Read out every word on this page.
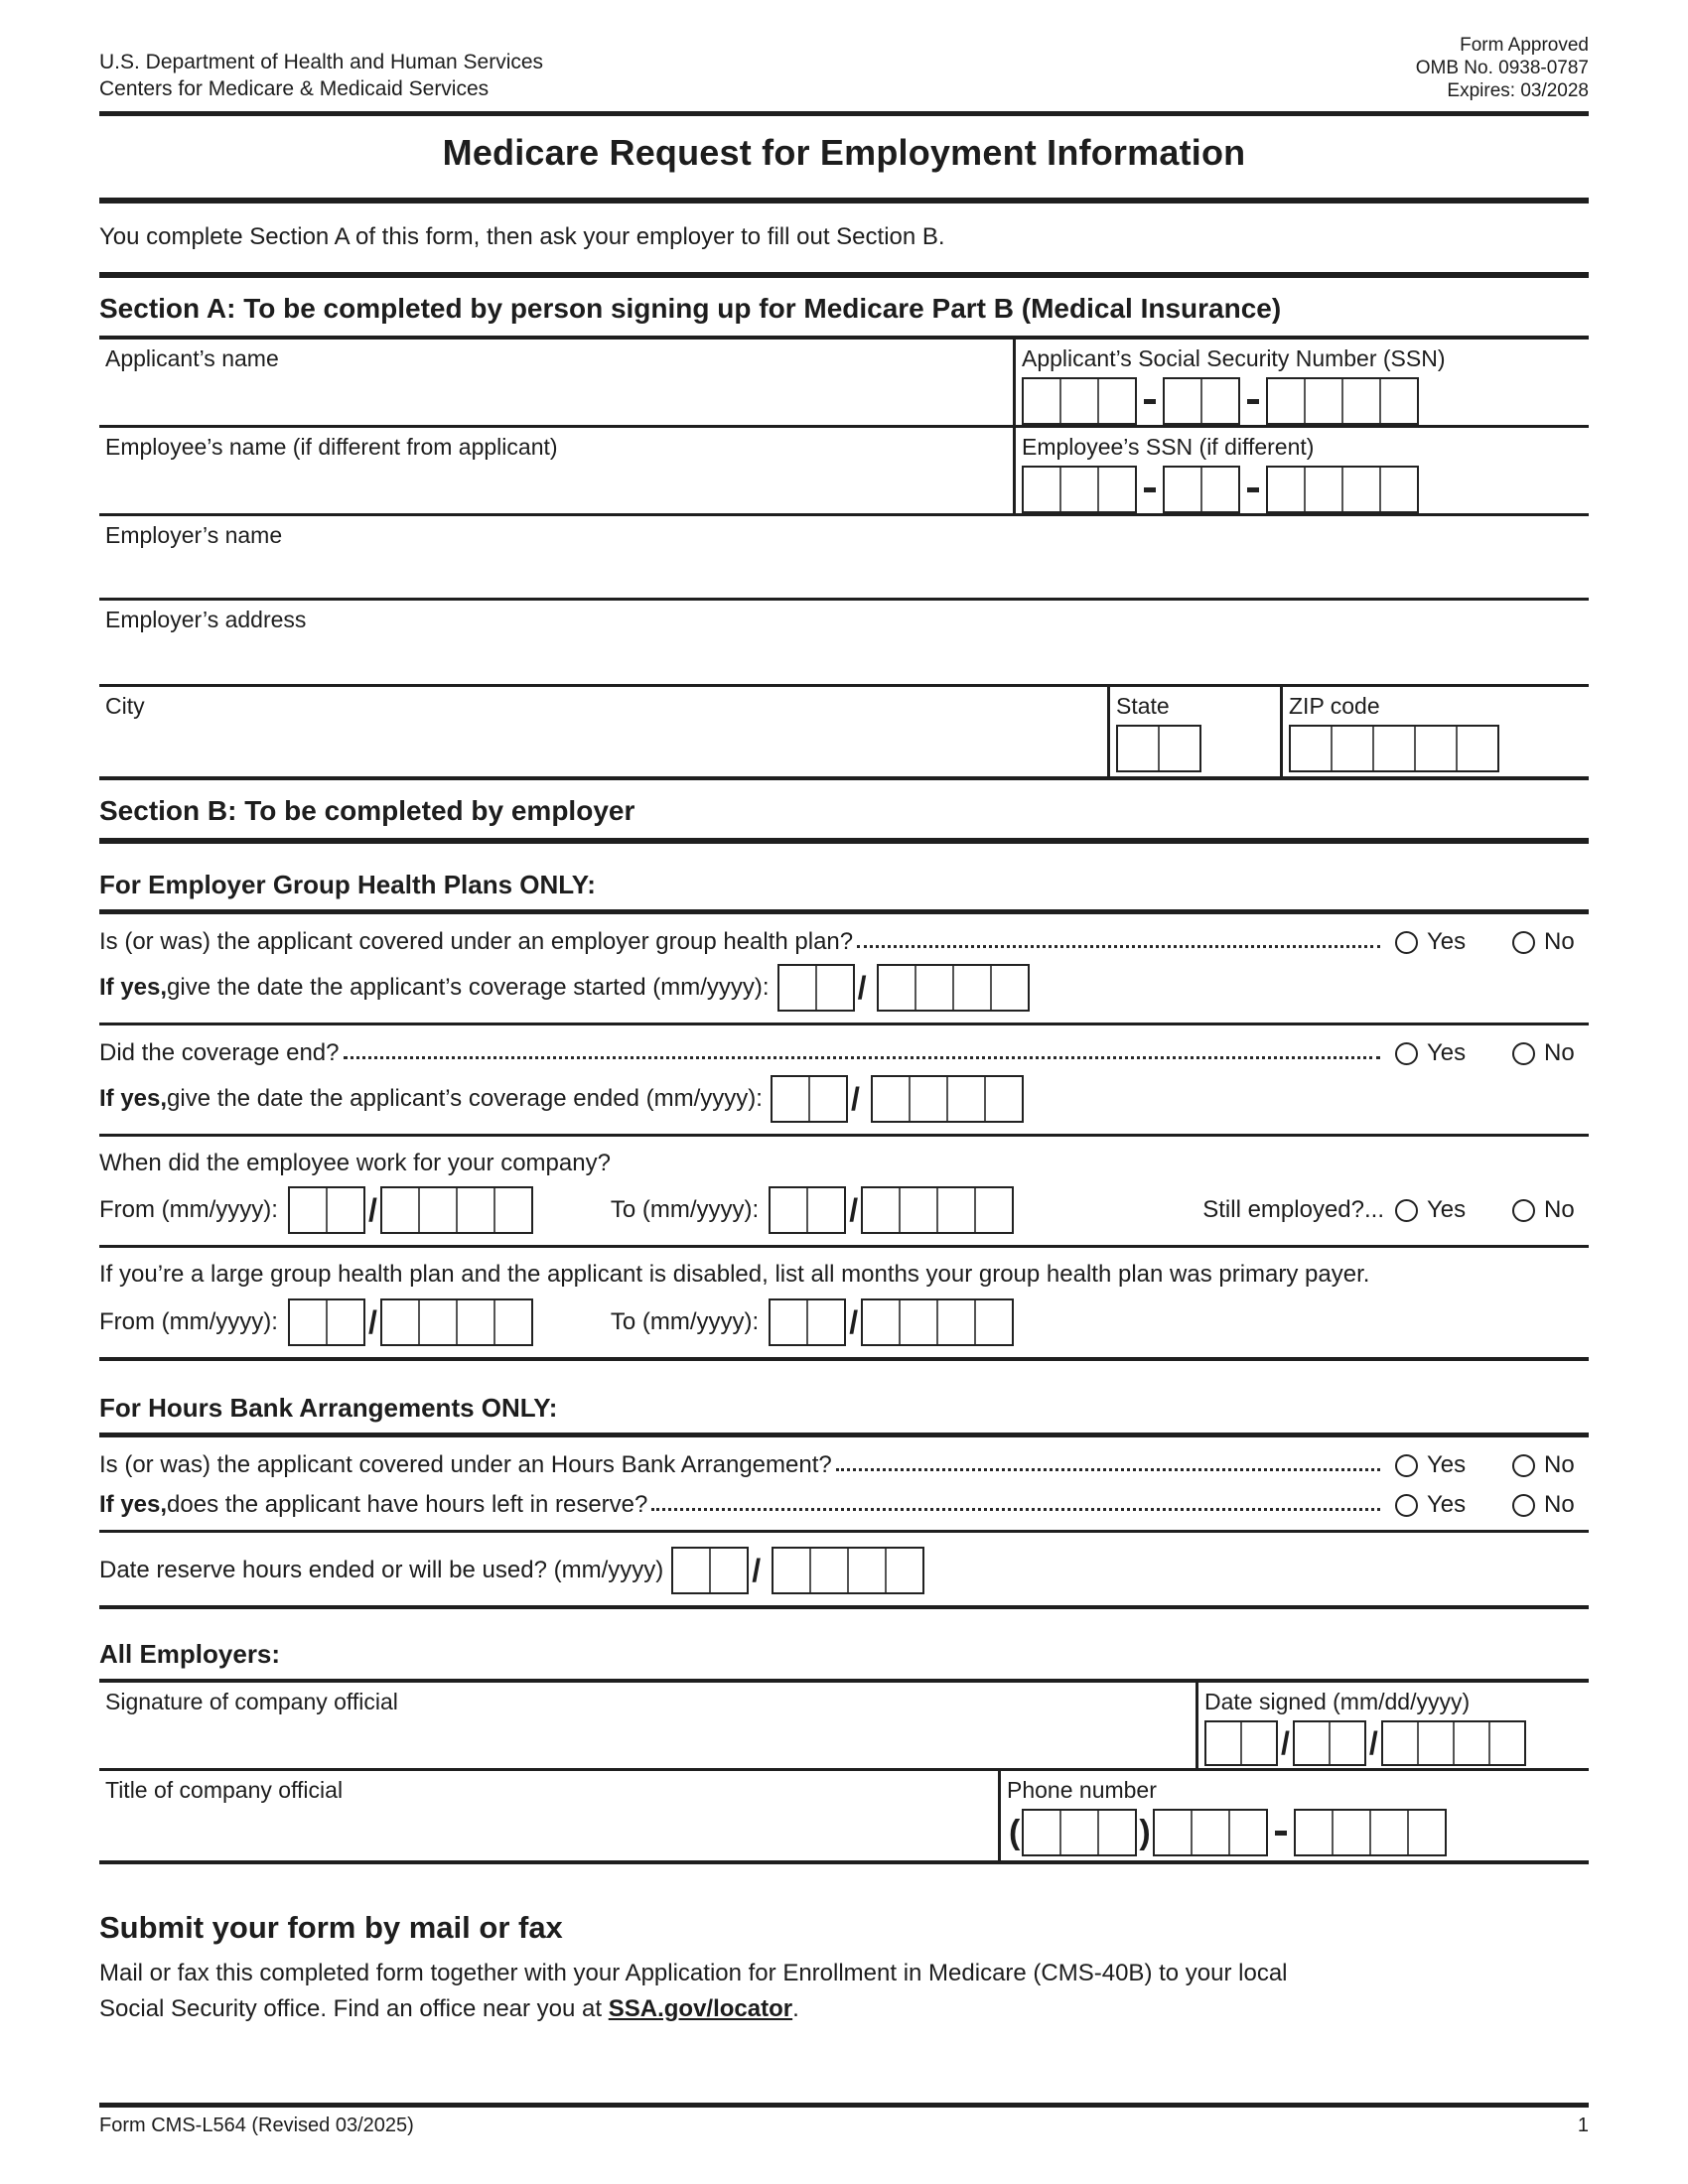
U.S. Department of Health and Human Services
Centers for Medicare & Medicaid Services
Form Approved
OMB No. 0938-0787
Expires: 03/2028
Medicare Request for Employment Information
You complete Section A of this form, then ask your employer to fill out Section B.
Section A: To be completed by person signing up for Medicare Part B (Medical Insurance)
Applicant’s name	Applicant’s Social Security Number (SSN)
Employee’s name (if different from applicant)	Employee’s SSN (if different)
Employer’s name
Employer’s address
City	State	ZIP code
Section B: To be completed by employer
For Employer Group Health Plans ONLY:
Is (or was) the applicant covered under an employer group health plan?	Yes	No
If yes, give the date the applicant’s coverage started (mm/yyyy):	/
Did the coverage end?	Yes	No
If yes, give the date the applicant’s coverage ended (mm/yyyy):	/
When did the employee work for your company?
From (mm/yyyy):	/	To (mm/yyyy):	/	Still employed?... Yes	No
If you’re a large group health plan and the applicant is disabled, list all months your group health plan was primary payer.
From (mm/yyyy):	/	To (mm/yyyy):	/
For Hours Bank Arrangements ONLY:
Is (or was) the applicant covered under an Hours Bank Arrangement?	Yes	No
If yes, does the applicant have hours left in reserve?	Yes	No
Date reserve hours ended or will be used? (mm/yyyy)	/
All Employers:
Signature of company official	Date signed (mm/dd/yyyy)
/	/
Title of company official	Phone number
(	)
Submit your form by mail or fax
Mail or fax this completed form together with your Application for Enrollment in Medicare (CMS-40B) to your local Social Security office. Find an office near you at SSA.gov/locator.
Form CMS-L564 (Revised 03/2025)	1
